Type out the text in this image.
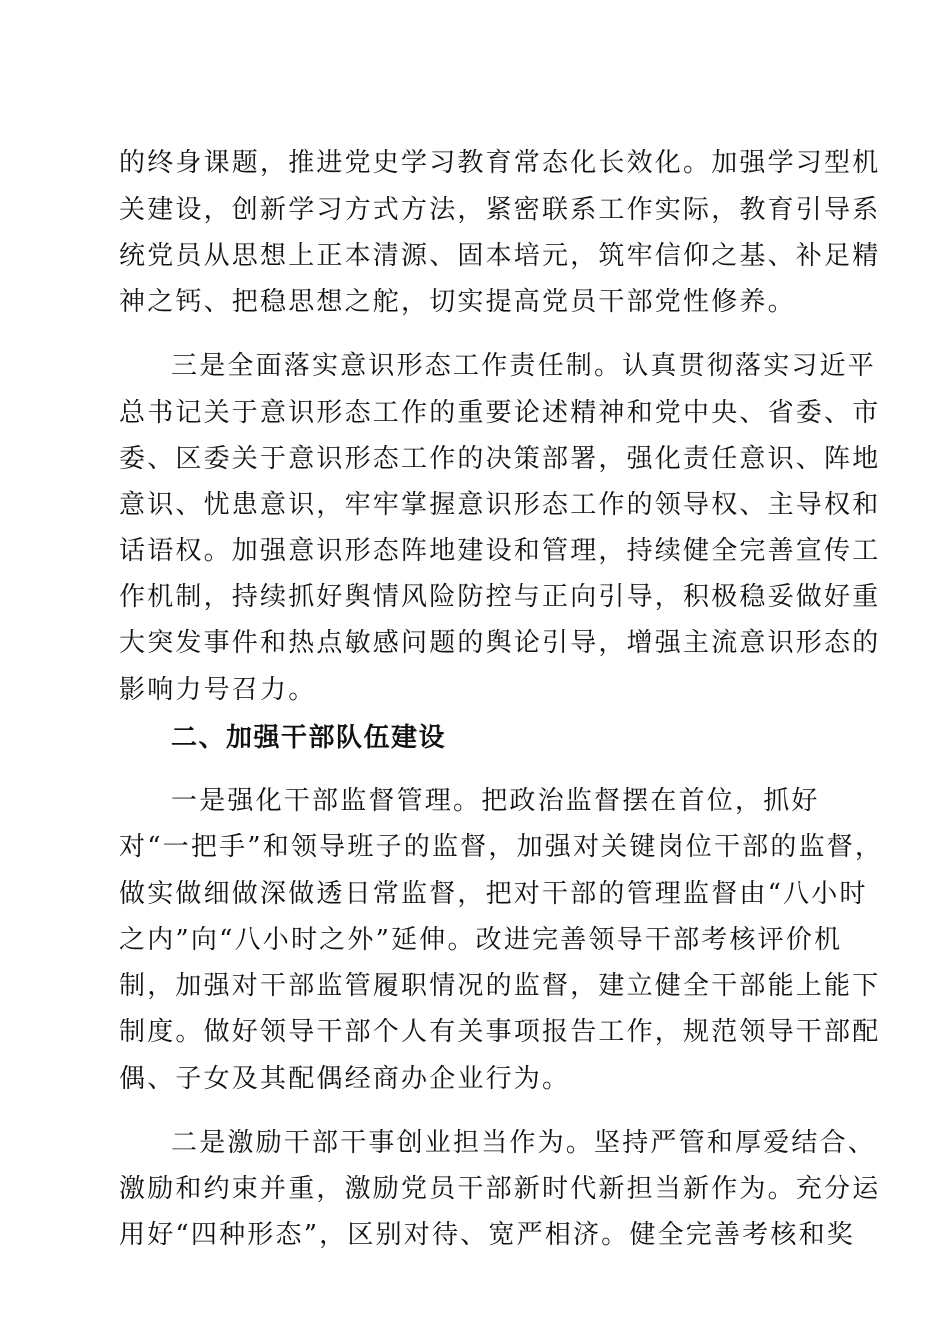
的终身课题，推进党史学习教育常态化长效化。加强学习型机
关建设，创新学习方式方法，紧密联系工作实际，教育引导系
统党员从思想上正本清源、固本培元，筑牢信仰之基、补足精
神之钙、把稳思想之舵，切实提高党员干部党性修养。
三是全面落实意识形态工作责任制。认真贯彻落实习近平
总书记关于意识形态工作的重要论述精神和党中央、省委、市
委、区委关于意识形态工作的决策部署，强化责任意识、阵地
意识、忧患意识，牢牢掌握意识形态工作的领导权、主导权和
话语权。加强意识形态阵地建设和管理，持续健全完善宣传工
作机制，持续抓好舆情风险防控与正向引导，积极稳妥做好重
大突发事件和热点敏感问题的舆论引导，增强主流意识形态的
影响力号召力。
二、加强干部队伍建设
一是强化干部监督管理。把政治监督摆在首位，抓好
对“一把手”和领导班子的监督，加强对关键岗位干部的监督，
做实做细做深做透日常监督，把对干部的管理监督由“八小时
之内”向“八小时之外”延伸。改进完善领导干部考核评价机
制，加强对干部监管履职情况的监督，建立健全干部能上能下
制度。做好领导干部个人有关事项报告工作，规范领导干部配
偶、子女及其配偶经商办企业行为。
二是激励干部干事创业担当作为。坚持严管和厚爱结合、
激励和约束并重，激励党员干部新时代新担当新作为。充分运
用好“四种形态”，区别对待、宽严相济。健全完善考核和奖
